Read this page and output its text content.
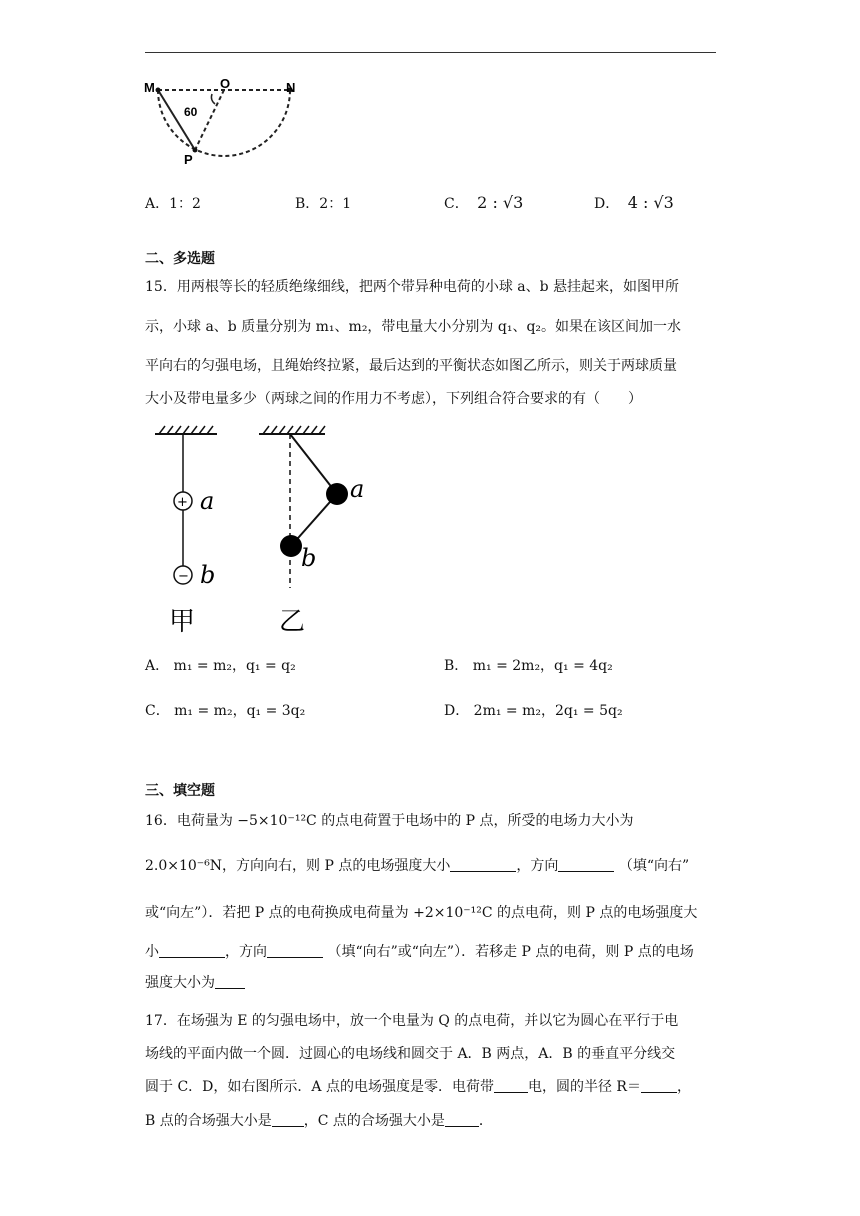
M	O	N
P
60
A．1：2	B．2：1	C． 2 : √3	D． 4 : √3
二、多选题
15．用两根等长的轻质绝缘细线，把两个带异种电荷的小球 a、b 悬挂起来，如图甲所
示，小球 a、b 质量分别为 m₁、m₂，带电量大小分别为 q₁、q₂。如果在该区间加一水
平向右的匀强电场，且绳始终拉紧，最后达到的平衡状态如图乙所示，则关于两球质量
大小及带电量多少（两球之间的作用力不考虑），下列组合符合要求的有（　　）
+
−
a
b
甲
a
b
乙
A． m₁ = m₂，q₁ = q₂	B． m₁ = 2m₂，q₁ = 4q₂
C． m₁ = m₂，q₁ = 3q₂	D． 2m₁ = m₂，2q₁ = 5q₂
三、填空题
16．电荷量为 −5×10⁻¹²C 的点电荷置于电场中的 P 点，所受的电场力大小为
2.0×10⁻⁶N，方向向右，则 P 点的电场强度大小	，方向	（填“向右”
或“向左”）．若把 P 点的电荷换成电荷量为 +2×10⁻¹²C 的点电荷，则 P 点的电场强度大
小	，方向	（填“向右”或“向左”）．若移走 P 点的电荷，则 P 点的电场
强度大小为
17．在场强为 E 的匀强电场中，放一个电量为 Q 的点电荷，并以它为圆心在平行于电
场线的平面内做一个圆．过圆心的电场线和圆交于 A．B 两点，A．B 的垂直平分线交
圆于 C．D，如右图所示．A 点的电场强度是零．电荷带 电，圆的半径 R＝	，
B 点的合场强大小是 ，C 点的合场强大小是 ．
